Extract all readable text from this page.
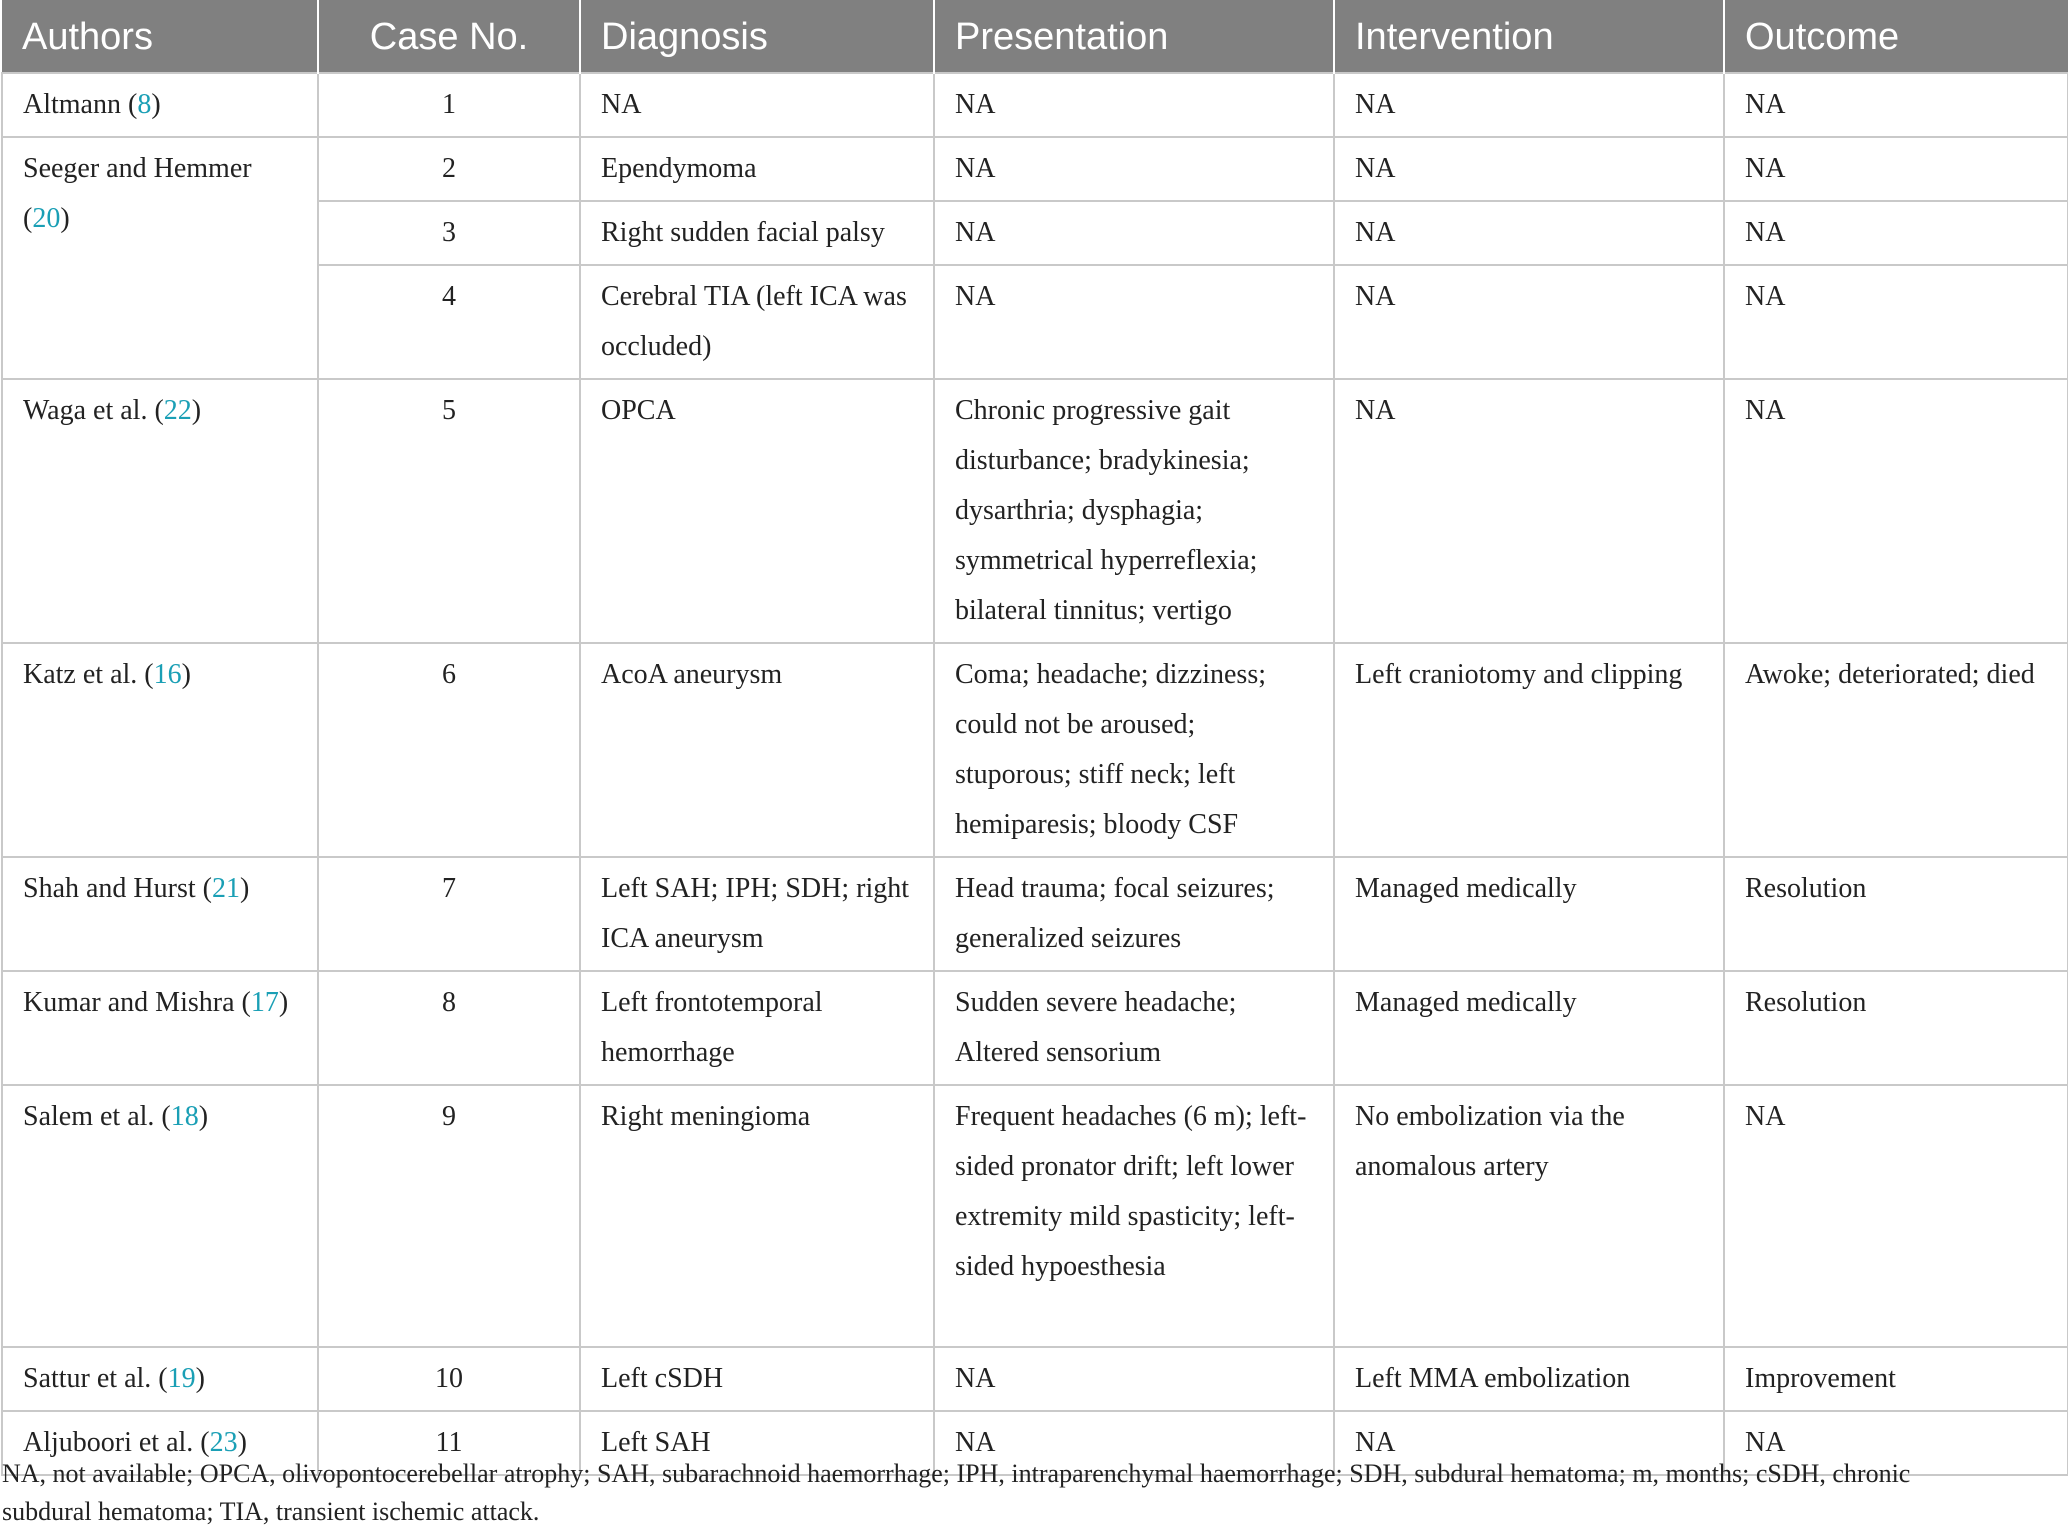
Authors	Case No.	Diagnosis	Presentation	Intervention	Outcome
Altmann (8)	1	NA	NA	NA	NA
Seeger and Hemmer (20)	2	Ependymoma	NA	NA	NA
	3	Right sudden facial palsy	NA	NA	NA
	4	Cerebral TIA (left ICA was occluded)	NA	NA	NA
Waga et al. (22)	5	OPCA	Chronic progressive gait disturbance; bradykinesia; dysarthria; dysphagia; symmetrical hyperreflexia; bilateral tinnitus; vertigo	NA	NA
Katz et al. (16)	6	AcoA aneurysm	Coma; headache; dizziness; could not be aroused; stuporous; stiff neck; left hemiparesis; bloody CSF	Left craniotomy and clipping	Awoke; deteriorated; died
Shah and Hurst (21)	7	Left SAH; IPH; SDH; right ICA aneurysm	Head trauma; focal seizures; generalized seizures	Managed medically	Resolution
Kumar and Mishra (17)	8	Left frontotemporal hemorrhage	Sudden severe headache; Altered sensorium	Managed medically	Resolution
Salem et al. (18)	9	Right meningioma	Frequent headaches (6 m); left-sided pronator drift; left lower extremity mild spasticity; left-sided hypoesthesia	No embolization via the anomalous artery	NA
Sattur et al. (19)	10	Left cSDH	NA	Left MMA embolization	Improvement
Aljuboori et al. (23)	11	Left SAH	NA	NA	NA
NA, not available; OPCA, olivopontocerebellar atrophy; SAH, subarachnoid haemorrhage; IPH, intraparenchymal haemorrhage; SDH, subdural hematoma; m, months; cSDH, chronic subdural hematoma; TIA, transient ischemic attack.
